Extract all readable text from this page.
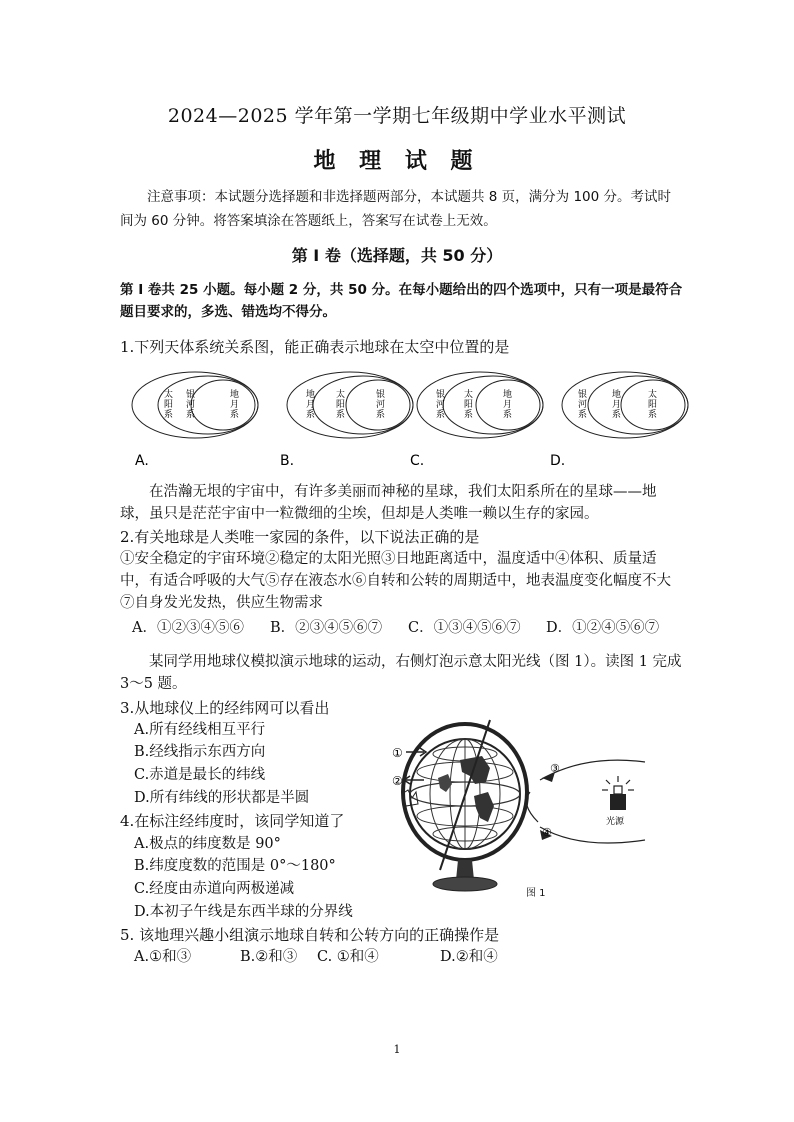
2024—2025 学年第一学期七年级期中学业水平测试
地 理 试 题
注意事项：本试题分选择题和非选择题两部分，本试题共 8 页，满分为 100 分。考试时间为 60 分钟。将答案填涂在答题纸上，答案写在试卷上无效。
第 I 卷（选择题，共 50 分）
第 I 卷共 25 小题。每小题 2 分，共 50 分。在每小题给出的四个选项中，只有一项是最符合题目要求的，多选、错选均不得分。
1.下列天体系统关系图，能正确表示地球在太空中位置的是
太
阳
系
银
河
系
地
月
系
A.
地
月
系
太
阳
系
银
河
系
B.
银
河
系
太
阳
系
地
月
系
C.
银
河
系
地
月
系
太
阳
系
D.
在浩瀚无垠的宇宙中，有许多美丽而神秘的星球，我们太阳系所在的星球——地球，虽只是茫茫宇宙中一粒微细的尘埃，但却是人类唯一赖以生存的家园。
2.有关地球是人类唯一家园的条件，以下说法正确的是
①安全稳定的宇宙环境②稳定的太阳光照③日地距离适中，温度适中④体积、质量适中，有适合呼吸的大气⑤存在液态水⑥自转和公转的周期适中，地表温度变化幅度不大⑦自身发光发热，供应生物需求
A．①②③④⑤⑥	B．②③④⑤⑥⑦	C．①③④⑤⑥⑦	D．①②④⑤⑥⑦
某同学用地球仪模拟演示地球的运动，右侧灯泡示意太阳光线（图 1）。读图 1 完成 3～5 题。
3.从地球仪上的经纬网可以看出
A.所有经线相互平行
B.经线指示东西方向
C.赤道是最长的纬线
D.所有纬线的形状都是半圆
4.在标注经纬度时，该同学知道了
A.极点的纬度数是 90°
B.纬度度数的范围是 0°～180°
C.经度由赤道向两极递减
D.本初子午线是东西半球的分界线
5. 该地理兴趣小组演示地球自转和公转方向的正确操作是
A.①和③	B.②和③ C. ①和④	D.②和④
①
②
③
④
光源
图 1
1
